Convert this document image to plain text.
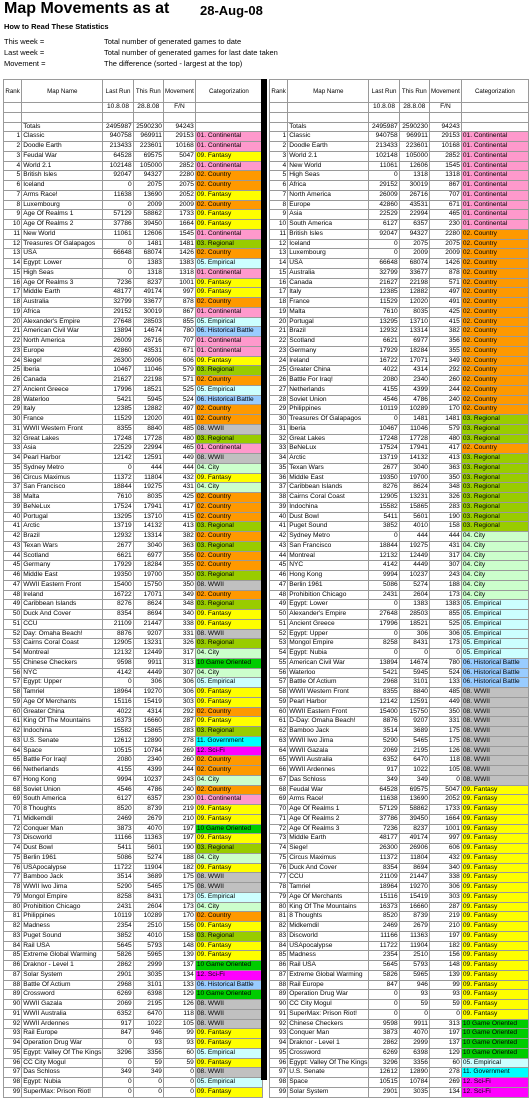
Map Movements as at 28-Aug-08
How to Read These Statistics
This week =	Total number of generated games to date
Last week =	Total number of generated games for last date taken
Movement =	The difference (sorted - largest at the top)
Rank	Map Name	Last Run	This Run	Movement	Categorization
		10.8.08	28.8.08	F/N	

	Totals	2495987	2590230	94243	
1	Classic	940758	969911	29153	01. Continental
2	Doodle Earth	213433	223601	10168	01. Continental
3	Feudal War	64528	69575	5047	09. Fantasy
4	World 2.1	102148	105000	2852	01. Continental
5	British Isles	92047	94327	2280	02. Country
6	Iceland	0	2075	2075	02. Country
7	Arms Race!	11638	13690	2052	09. Fantasy
8	Luxembourg	0	2009	2009	02. Country
9	Age Of Realms 1	57129	58862	1733	09. Fantasy
10	Age Of Realms 2	37786	39450	1664	09. Fantasy
11	New World	11061	12606	1545	01. Continental
12	Treasures Of Galapagos	0	1481	1481	03. Regional
13	USA	66648	68074	1426	02. Country
14	Egypt: Lower	0	1383	1383	05. Empirical
15	High Seas	0	1318	1318	01. Continental
16	Age Of Realms 3	7236	8237	1001	09. Fantasy
17	Middle Earth	48177	49174	997	09. Fantasy
18	Australia	32799	33677	878	02. Country
19	Africa	29152	30019	867	01. Continental
20	Alexander's Empire	27648	28503	855	05. Empirical
21	American Civil War	13894	14674	780	06. Historical Battle
22	North America	26009	26716	707	01. Continental
23	Europe	42860	43531	671	01. Continental
24	Siege!	26300	26906	606	09. Fantasy
25	Iberia	10467	11046	579	03. Regional
26	Canada	21627	22198	571	02. Country
27	Ancient Greece	17996	18521	525	05. Empirical
28	Waterloo	5421	5945	524	06. Historical Battle
29	Italy	12385	12882	497	02. Country
30	France	11529	12020	491	02. Country
31	WWII Western Front	8355	8840	485	08. WWII
32	Great Lakes	17248	17728	480	03. Regional
33	Asia	22529	22994	465	01. Continental
34	Pearl Harbor	12142	12591	449	08. WWII
35	Sydney Metro	0	444	444	04. City
36	Circus Maximus	11372	11804	432	09. Fantasy
37	San Francisco	18844	19275	431	04. City
38	Malta	7610	8035	425	02. Country
39	BeNeLux	17524	17941	417	02. Country
40	Portugal	13295	13710	415	02. Country
41	Arctic	13719	14132	413	03. Regional
42	Brazil	12932	13314	382	02. Country
43	Texan Wars	2677	3040	363	03. Regional
44	Scotland	6621	6977	356	02. Country
45	Germany	17929	18284	355	02. Country
46	Middle East	19350	19700	350	03. Regional
47	WWII Eastern Front	15400	15750	350	08. WWII
48	Ireland	16722	17071	349	02. Country
49	Caribbean Islands	8276	8624	348	03. Regional
50	Duck And Cover	8354	8694	340	09. Fantasy
51	CCU	21109	21447	338	09. Fantasy
52	Day: Omaha Beach!	8876	9207	331	08. WWII
53	Cairns Coral Coast	12905	13231	326	03. Regional
54	Montreal	12132	12449	317	04. City
55	Chinese Checkers	9598	9911	313	10 Game Oriented
56	NYC	4142	4449	307	04. City
57	Egypt: Upper	0	306	306	05. Empirical
58	Tamriel	18964	19270	306	09. Fantasy
59	Age Of Merchants	15116	15419	303	09. Fantasy
60	Greater China	4022	4314	292	02. Country
61	King Of The Mountains	16373	16660	287	09. Fantasy
62	Indochina	15582	15865	283	03. Regional
63	U.S. Senate	12612	12890	278	11. Government
64	Space	10515	10784	269	12. Sci-Fi
65	Battle For Iraq!	2080	2340	260	02. Country
66	Netherlands	4155	4399	244	02. Country
67	Hong Kong	9994	10237	243	04. City
68	Soviet Union	4546	4786	240	02. Country
69	South America	6127	6357	230	01. Continental
70	8 Thoughts	8520	8739	219	09. Fantasy
71	Midkemdil	2469	2679	210	09. Fantasy
72	Conquer Man	3873	4070	197	10 Game Oriented
73	Discworld	11166	11363	197	09. Fantasy
74	Dust Bowl	5411	5601	190	03. Regional
75	Berlin 1961	5086	5274	188	04. City
76	USApocalypse	11722	11904	182	09. Fantasy
77	Bamboo Jack	3514	3689	175	08. WWII
78	WWII Iwo Jima	5290	5465	175	08. WWII
79	Mongol Empire	8258	8431	173	05. Empirical
80	Prohibition Chicago	2431	2604	173	04. City
81	Philippines	10119	10289	170	02. Country
82	Madness	2354	2510	156	09. Fantasy
83	Puget Sound	3852	4010	158	03. Regional
84	Rail USA	5645	5793	148	09. Fantasy
85	Extreme Global Warming	5826	5965	139	09. Fantasy
86	Draknor - Level 1	2862	2999	137	10 Game Oriented
87	Solar System	2901	3035	134	12. Sci-Fi
88	Battle Of Actium	2968	3101	133	06. Historical Battle
89	Crossword	6269	6398	129	10 Game Oriented
90	WWII Gazala	2069	2195	126	08. WWII
91	WWII Australia	6352	6470	118	08. WWII
92	WWII Ardennes	917	1022	105	08. WWII
93	Rail Europe	847	946	99	09. Fantasy
94	Operation Drug War	0	93	93	09. Fantasy
95	Egypt: Valley Of The Kings	3296	3356	60	05. Empirical
96	CC City Mogul	0	59	59	09. Fantasy
97	Das Schloss	349	349	0	08. WWII
98	Egypt: Nubia	0	0	0	05. Empirical
99	SuperMax: Prison Riot!	0	0	0	09. Fantasy
Rank	Map Name	Last Run	This Run	Movement	Categorization
		10.8.08	28.8.08	F/N	

	Totals	2495987	2590230	94243	
1	Classic	940758	969911	29153	01. Continental
2	Doodle Earth	213433	223601	10168	01. Continental
3	World 2.1	102148	105000	2852	01. Continental
4	New World	11061	12606	1545	01. Continental
5	High Seas	0	1318	1318	01. Continental
6	Africa	29152	30019	867	01. Continental
7	North America	26009	26716	707	01. Continental
8	Europe	42860	43531	671	01. Continental
9	Asia	22529	22994	465	01. Continental
10	South America	6127	6357	230	01. Continental
11	British Isles	92047	94327	2280	02. Country
12	Iceland	0	2075	2075	02. Country
13	Luxembourg	0	2009	2009	02. Country
14	USA	66648	68074	1426	02. Country
15	Australia	32799	33677	878	02. Country
16	Canada	21627	22198	571	02. Country
17	Italy	12385	12882	497	02. Country
18	France	11529	12020	491	02. Country
19	Malta	7610	8035	425	02. Country
20	Portugal	13295	13710	415	02. Country
21	Brazil	12932	13314	382	02. Country
22	Scotland	6621	6977	356	02. Country
23	Germany	17929	18284	355	02. Country
24	Ireland	16722	17071	349	02. Country
25	Greater China	4022	4314	292	02. Country
26	Battle For Iraq!	2080	2340	260	02. Country
27	Netherlands	4155	4399	244	02. Country
28	Soviet Union	4546	4786	240	02. Country
29	Philippines	10119	10289	170	02. Country
30	Treasures Of Galapagos	0	1481	1481	03. Regional
31	Iberia	10467	11046	579	03. Regional
32	Great Lakes	17248	17728	480	03. Regional
33	BeNeLux	17524	17941	417	02. Country
34	Arctic	13719	14132	413	03. Regional
35	Texan Wars	2677	3040	363	03. Regional
36	Middle East	19350	19700	350	03. Regional
37	Caribbean Islands	8276	8624	348	03. Regional
38	Cairns Coral Coast	12905	13231	326	03. Regional
39	Indochina	15582	15865	283	03. Regional
40	Dust Bowl	5411	5601	190	03. Regional
41	Puget Sound	3852	4010	158	03. Regional
42	Sydney Metro	0	444	444	04. City
43	San Francisco	18844	19275	431	04. City
44	Montreal	12132	12449	317	04. City
45	NYC	4142	4449	307	04. City
46	Hong Kong	9994	10237	243	04. City
47	Berlin 1961	5086	5274	188	04. City
48	Prohibition Chicago	2431	2604	173	04. City
49	Egypt: Lower	0	1383	1383	05. Empirical
50	Alexander's Empire	27648	28503	855	05. Empirical
51	Ancient Greece	17996	18521	525	05. Empirical
52	Egypt: Upper	0	306	306	05. Empirical
53	Mongol Empire	8258	8431	173	05. Empirical
54	Egypt: Nubia	0	0	0	05. Empirical
55	American Civil War	13894	14674	780	06. Historical Battle
56	Waterloo	5421	5945	524	06. Historical Battle
57	Battle Of Actium	2968	3101	133	06. Historical Battle
58	WWII Western Front	8355	8840	485	08. WWII
59	Pearl Harbor	12142	12591	449	08. WWII
60	WWII Eastern Front	15400	15750	350	08. WWII
61	D-Day: Omaha Beach!	8876	9207	331	08. WWII
62	Bamboo Jack	3514	3689	175	08. WWII
63	WWII Iwo Jima	5290	5465	175	08. WWII
64	WWII Gazala	2069	2195	126	08. WWII
65	WWII Australia	6352	6470	118	08. WWII
66	WWII Ardennes	917	1022	105	08. WWII
67	Das Schloss	349	349	0	08. WWII
68	Feudal War	64528	69575	5047	09. Fantasy
69	Arms Race!	11638	13690	2052	09. Fantasy
70	Age Of Realms 1	57129	58862	1733	09. Fantasy
71	Age Of Realms 2	37786	39450	1664	09. Fantasy
72	Age Of Realms 3	7236	8237	1001	09. Fantasy
73	Middle Earth	48177	49174	997	09. Fantasy
74	Siege!	26300	26906	606	09. Fantasy
75	Circus Maximus	11372	11804	432	09. Fantasy
76	Duck And Cover	8354	8694	340	09. Fantasy
77	CCU	21109	21447	338	09. Fantasy
78	Tamriel	18964	19270	306	09. Fantasy
79	Age Of Merchants	15116	15419	303	09. Fantasy
80	King Of The Mountains	16373	16660	287	09. Fantasy
81	8 Thoughts	8520	8739	219	09. Fantasy
82	Midkemdil	2469	2679	210	09. Fantasy
83	Discworld	11166	11363	197	09. Fantasy
84	USApocalypse	11722	11904	182	09. Fantasy
85	Madness	2354	2510	156	09. Fantasy
86	Rail USA	5645	5793	148	09. Fantasy
87	Extreme Global Warming	5826	5965	139	09. Fantasy
88	Rail Europe	847	946	99	09. Fantasy
89	Operation Drug War	0	93	93	09. Fantasy
90	CC City Mogul	0	59	59	09. Fantasy
91	SuperMax: Prison Riot!	0	0	0	09. Fantasy
92	Chinese Checkers	9598	9911	313	10 Game Oriented
93	Conquer Man	3873	4070	197	10 Game Oriented
94	Draknor - Level 1	2862	2999	137	10 Game Oriented
95	Crossword	6269	6398	129	10 Game Oriented
96	Egypt: Valley Of The Kings	3296	3356	60	05. Empirical
97	U.S. Senate	12612	12890	278	11. Government
98	Space	10515	10784	269	12. Sci-Fi
99	Solar System	2901	3035	134	12. Sci-Fi
